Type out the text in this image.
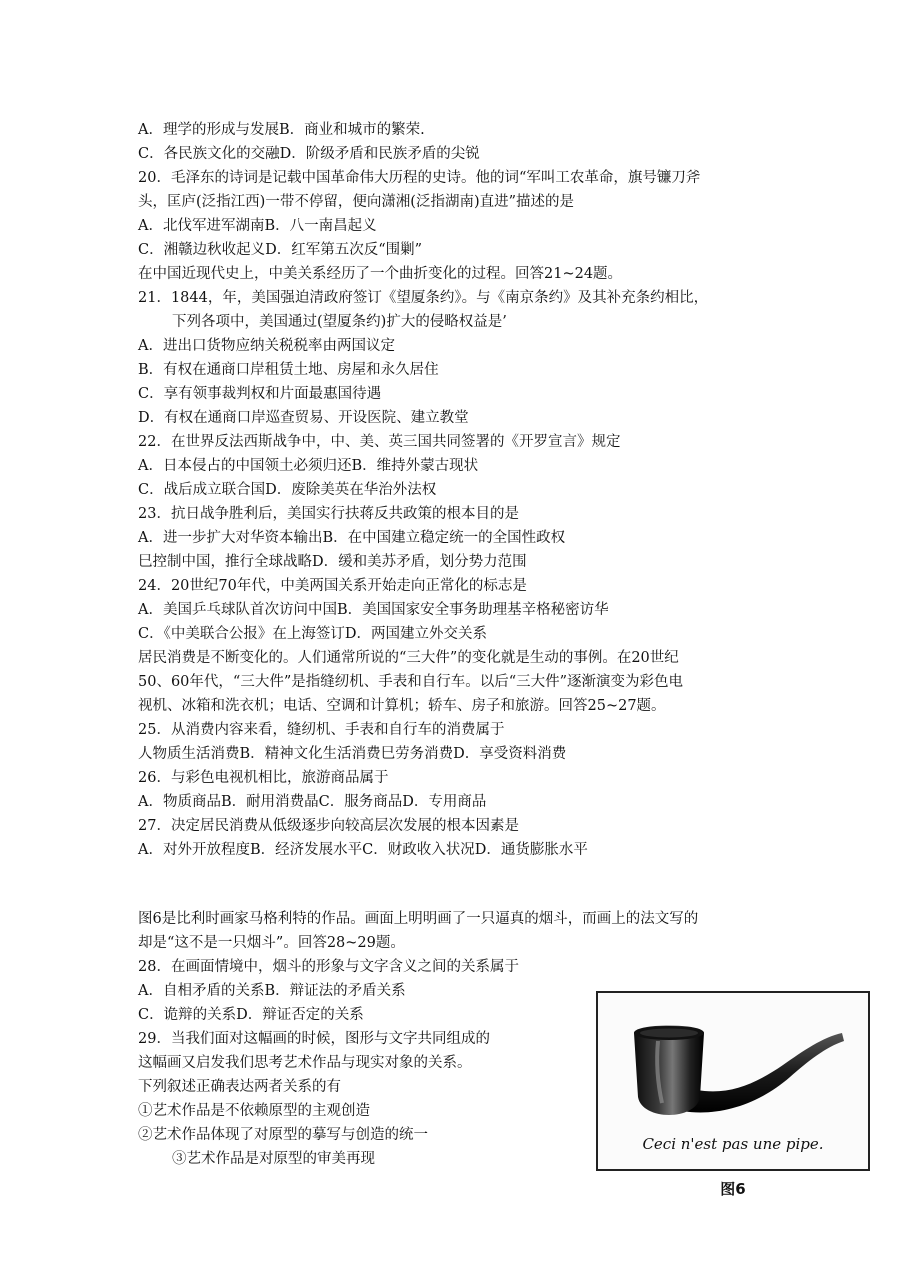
A．理学的形成与发展B．商业和城市的繁荣.
C．各民族文化的交融D．阶级矛盾和民族矛盾的尖锐
20．毛泽东的诗词是记载中国革命伟大历程的史诗。他的词“军叫工农革命，旗号镰刀斧
头，匡庐(泛指江西)一带不停留，便向潇湘(泛指湖南)直进”描述的是
A．北伐军进军湖南B．八一南昌起义
C．湘赣边秋收起义D．红军第五次反“围剿”
在中国近现代史上，中美关系经历了一个曲折变化的过程。回答21~24题。
21．1844，年，美国强迫清政府签订《望厦条约》。与《南京条约》及其补充条约相比，
下列各项中，美国通过(望厦条约)扩大的侵略权益是’
A．进出口货物应纳关税税率由两国议定
B．有权在通商口岸租赁土地、房屋和永久居住
C．享有领事裁判权和片面最惠国待遇
D．有权在通商口岸巡查贸易、开设医院、建立教堂
22．在世界反法西斯战争中，中、美、英三国共同签署的《开罗宣言》规定
A．日本侵占的中国领土必须归还B．维持外蒙古现状
C．战后成立联合国D．废除美英在华治外法权
23．抗日战争胜利后，美国实行扶蒋反共政策的根本目的是
A．进一步扩大对华资本输出B．在中国建立稳定统一的全国性政权
巳控制中国，推行全球战略D．缓和美苏矛盾，划分势力范围
24．20世纪70年代，中美两国关系开始走向正常化的标志是
A．美国乒乓球队首次访问中国B．美国国家安全事务助理基辛格秘密访华
C．《中美联合公报》在上海签订D．两国建立外交关系
居民消费是不断变化的。人们通常所说的“三大件”的变化就是生动的事例。在20世纪
50、60年代，“三大件”是指缝纫机、手表和自行车。以后“三大件”逐渐演变为彩色电
视机、冰箱和洗衣机；电话、空调和计算机；轿车、房子和旅游。回答25~27题。
25．从消费内容来看，缝纫机、手表和自行车的消费属于
人物质生活消费B．精神文化生活消费巳劳务消费D．享受资料消费
26．与彩色电视机相比，旅游商品属于
A．物质商品B．耐用消费晶C．服务商品D．专用商品
27．决定居民消费从低级逐步向较高层次发展的根本因素是
A．对外开放程度B．经济发展水平C．财政收入状况D．通货膨胀水平
图6是比利时画家马格利特的作品。画面上明明画了一只逼真的烟斗，而画上的法文写的
却是“这不是一只烟斗”。回答28~29题。
28．在画面情境中，烟斗的形象与文字含义之间的关系属于
A．自相矛盾的关系B．辩证法的矛盾关系
C．诡辩的关系D．辩证否定的关系
29．当我们面对这幅画的时候，图形与文字共同组成的
这幅画又启发我们思考艺术作品与现实对象的关系。
下列叙述正确表达两者关系的有
①艺术作品是不依赖原型的主观创造
②艺术作品体现了对原型的摹写与创造的统一
③艺术作品是对原型的审美再现
Ceci n'est pas une pipe.
图6
